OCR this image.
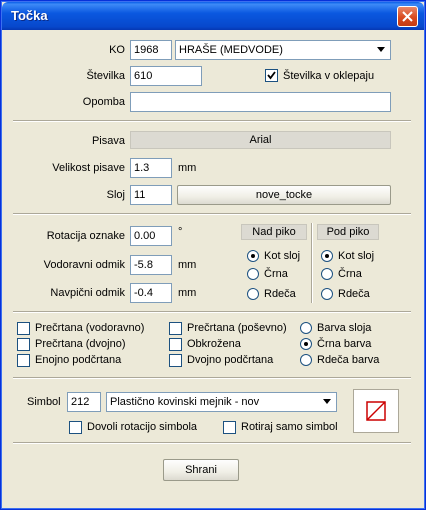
Točka
KO 1968	HRAŠE (MEDVODE)
Številka 610	Številka v oklepaju
Opomba
Pisava	Arial
Velikost pisave 1.3	mm
Sloj 11	nove_tocke
Rotacija oznake 0.00	°
Vodoravni odmik -5.8	mm
Navpični odmik -0.4	mm
Nad piko
Kot sloj
Črna
Rdeča
Pod piko
Kot sloj
Črna
Rdeča
Prečrtana (vodoravno)
Prečrtana (dvojno)
Enojno podčrtana
Prečrtana (poševno)
Obkrožena
Dvojno podčrtana
Barva sloja
Črna barva
Rdeča barva
Simbol 212	Plastično kovinski mejnik - nov
Dovoli rotacijo simbola	Rotiraj samo simbol
Shrani
